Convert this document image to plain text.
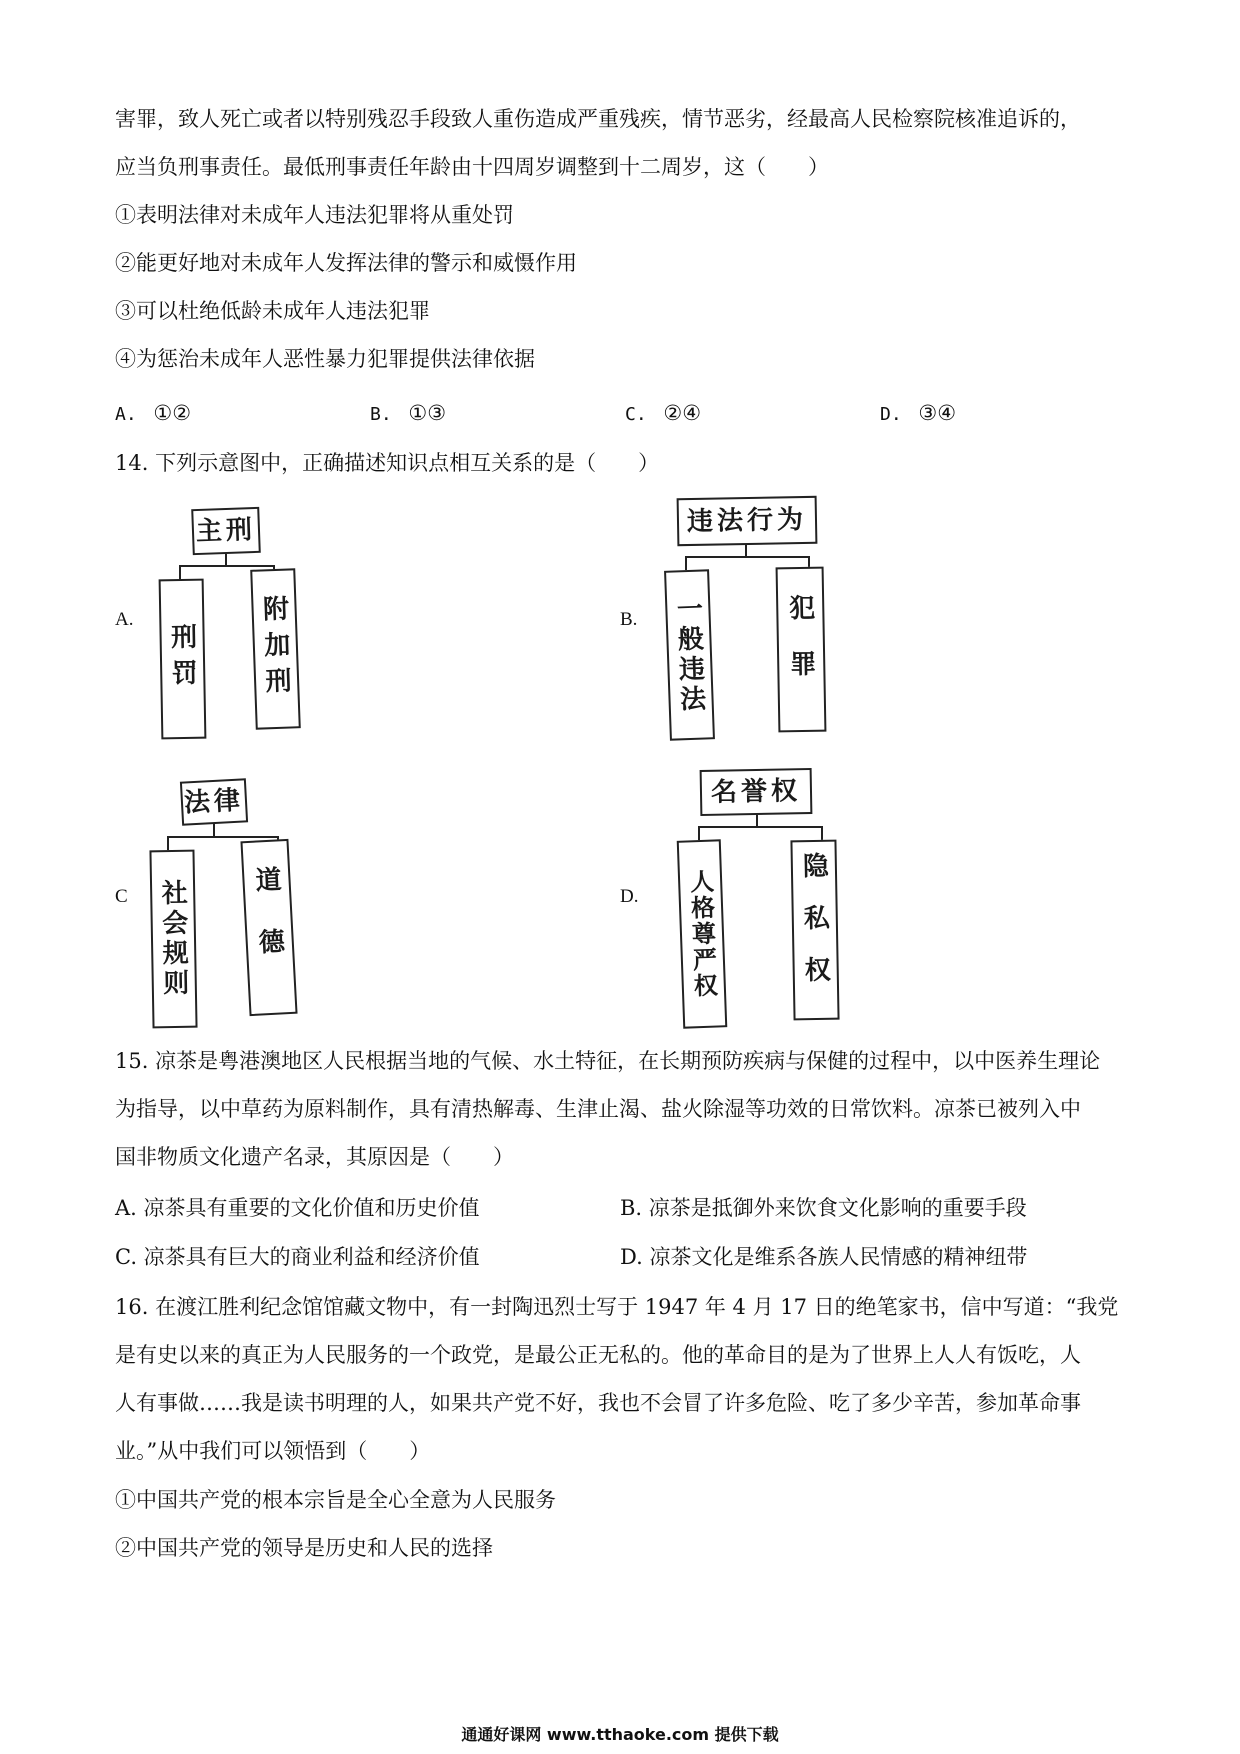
害罪，致人死亡或者以特别残忍手段致人重伤造成严重残疾，情节恶劣，经最高人民检察院核准追诉的，
应当负刑事责任。最低刑事责任年龄由十四周岁调整到十二周岁，这（　　）
①表明法律对未成年人违法犯罪将从重处罚
②能更好地对未成年人发挥法律的警示和威慑作用
③可以杜绝低龄未成年人违法犯罪
④为惩治未成年人恶性暴力犯罪提供法律依据
A. ①②	B. ①③	C. ②④	D. ③④
14. 下列示意图中，正确描述知识点相互关系的是（　　）
A.
主刑
刑罚	附加刑	B.
违法行为
一般违法	犯罪
C
法律
社会规则	道德	D.
名誉权
人格尊严权	隐私权
15. 凉茶是粤港澳地区人民根据当地的气候、水土特征，在长期预防疾病与保健的过程中，以中医养生理论
为指导，以中草药为原料制作，具有清热解毒、生津止渴、盐火除湿等功效的日常饮料。凉茶已被列入中
国非物质文化遗产名录，其原因是（　　）
A. 凉茶具有重要的文化价值和历史价值	B. 凉茶是抵御外来饮食文化影响的重要手段
C. 凉茶具有巨大的商业利益和经济价值	D. 凉茶文化是维系各族人民情感的精神纽带
16. 在渡江胜利纪念馆馆藏文物中，有一封陶迅烈士写于 1947 年 4 月 17 日的绝笔家书，信中写道：“我党
是有史以来的真正为人民服务的一个政党，是最公正无私的。他的革命目的是为了世界上人人有饭吃，人
人有事做……我是读书明理的人，如果共产党不好，我也不会冒了许多危险、吃了多少辛苦，参加革命事
业。”从中我们可以领悟到（　　）
①中国共产党的根本宗旨是全心全意为人民服务
②中国共产党的领导是历史和人民的选择
通通好课网 www.tthaoke.com 提供下载
